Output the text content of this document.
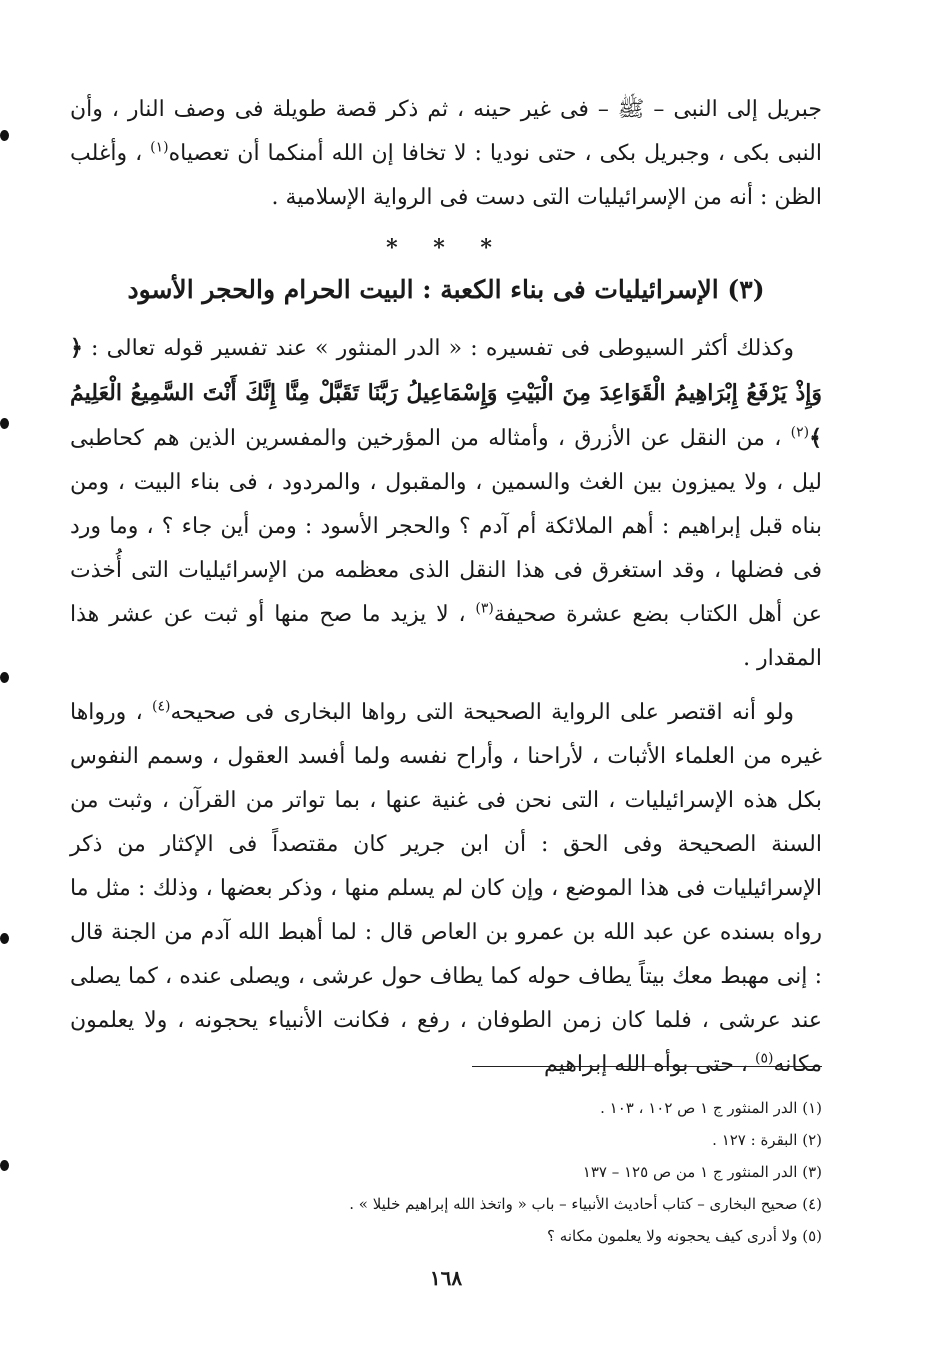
جبريل إلى النبى – ﷺ – فى غير حينه ، ثم ذكر قصة طويلة فى وصف النار ، وأن النبى بكى ، وجبريل بكى ، حتى نوديا : لا تخافا إن الله أمنكما أن تعصياه$^{(١)}$ ، وأغلب الظن : أنه من الإسرائيليات التى دست فى الرواية الإسلامية .

* * *
(٣) الإسرائيليات فى بناء الكعبة : البيت الحرام والحجر الأسود

وكذلك أكثر السيوطى فى تفسيره : « الدر المنثور » عند تفسير قوله تعالى : ﴿ وَإِذْ يَرْفَعُ إِبْرَاهِيمُ الْقَوَاعِدَ مِنَ الْبَيْتِ وَإِسْمَاعِيلُ رَبَّنَا تَقَبَّلْ مِنَّا إِنَّكَ أَنْتَ السَّمِيعُ الْعَلِيمُ ﴾$^{(٢)}$ ، من النقل عن الأزرق ، وأمثاله من المؤرخين والمفسرين الذين هم كحاطبى ليل ، ولا يميزون بين الغث والسمين ، والمقبول ، والمردود ، فى بناء البيت ، ومن بناه قبل إبراهيم : أهم الملائكة أم آدم ؟ والحجر الأسود : ومن أين جاء ؟ ، وما ورد فى فضلها ، وقد استغرق فى هذا النقل الذى معظمه من الإسرائيليات التى أُخذت عن أهل الكتاب بضع عشرة صحيفة$^{(٣)}$ ، لا يزيد ما صح منها أو ثبت عن عشر هذا المقدار .

ولو أنه اقتصر على الرواية الصحيحة التى رواها البخارى فى صحيحه$^{(٤)}$ ، ورواها غيره من العلماء الأثبات ، لأراحنا ، وأراح نفسه ولما أفسد العقول ، وسمم النفوس بكل هذه الإسرائيليات ، التى نحن فى غنية عنها ، بما تواتر من القرآن ، وثبت من السنة الصحيحة وفى الحق : أن ابن جرير كان مقتصداً فى الإكثار من ذكر الإسرائيليات فى هذا الموضع ، وإن كان لم يسلم منها ، وذكر بعضها ، وذلك : مثل ما رواه بسنده عن عبد الله بن عمرو بن العاص قال : لما أهبط الله آدم من الجنة قال : إنى مهبط معك بيتاً يطاف حوله كما يطاف حول عرشى ، ويصلى عنده ، كما يصلى عند عرشى ، فلما كان زمن الطوفان ، رفع ، فكانت الأنبياء يحجونه ، ولا يعلمون مكانه$^{(٥)}$ ، حتى بوأه الله إبراهيم

(١) الدر المنثور ج ١ ص ١٠٢ ، ١٠٣ .

(٢) البقرة : ١٢٧ .

(٣) الدر المنثور ج ١ من ص ١٢٥ – ١٣٧

(٤) صحيح البخارى – كتاب أحاديث الأنبياء – باب « واتخذ الله إبراهيم خليلا » .

(٥) ولا أدرى كيف يحجونه ولا يعلمون مكانه ؟

١٦٨
